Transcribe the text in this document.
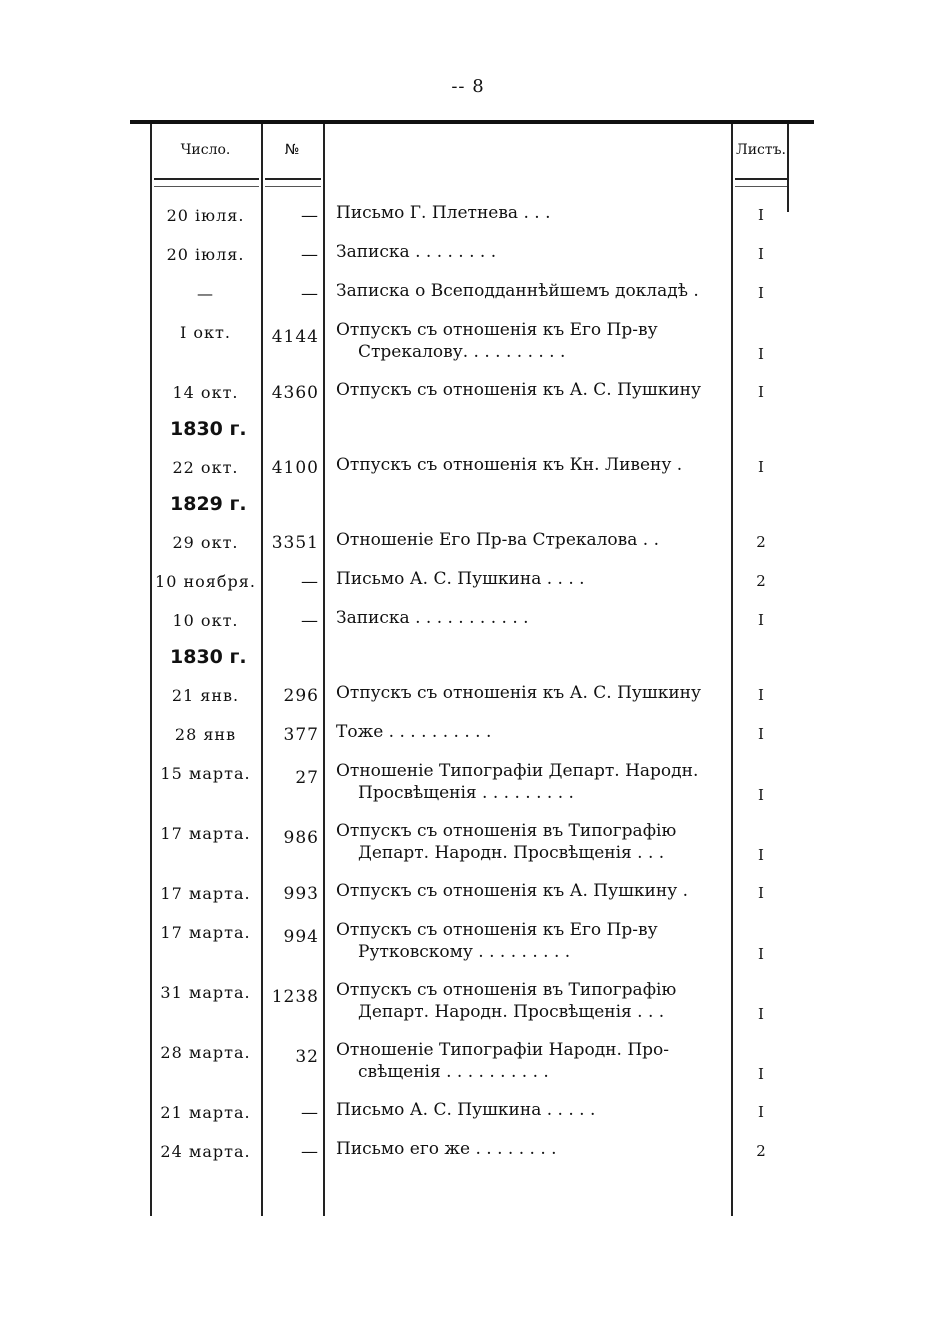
-- 8
Число.	№	Листъ.
20 іюля.	— Письмо Г. Плетнева . . .	I
20 іюля.	— Записка . . . . . . . .	I
—	— Записка о Всеподданнѣйшемъ докладѣ .	I
I окт.	4144 Отпускъ съ отношенія къ Его Пр-ву
Стрекалову. . . . . . . . . .	I
14 окт.	4360 Отпускъ съ отношенія къ А. С. Пушкину	I
1830 г.
22 окт.	4100 Отпускъ съ отношенія къ Кн. Ливену .	I
1829 г.
29 окт.	3351 Отношеніе Его Пр-ва Стрекалова . .	2
10 ноября.	— Письмо А. С. Пушкина . . . .	2
10 окт.	— Записка . . . . . . . . . . .	I
1830 г.
21 янв.	296 Отпускъ съ отношенія къ А. С. Пушкину	I
28 янв	377 Тоже . . . . . . . . . .	I
15 марта.	27 Отношеніе Типографіи Департ. Народн.
Просвѣщенія . . . . . . . . .	I
17 марта.	986 Отпускъ съ отношенія въ Типографію
Департ. Народн. Просвѣщенія . . .	I
17 марта.	993 Отпускъ съ отношенія къ А. Пушкину .	I
17 марта.	994 Отпускъ съ отношенія къ Его Пр-ву
Рутковскому . . . . . . . . .	I
31 марта.	1238 Отпускъ съ отношенія въ Типографію
Департ. Народн. Просвѣщенія . . .	I
28 марта.	32 Отношеніе Типографіи Народн. Про-
свѣщенія . . . . . . . . . .	I
21 марта.	— Письмо А. С. Пушкина . . . . .	I
24 марта.	— Письмо его же . . . . . . . .	2
